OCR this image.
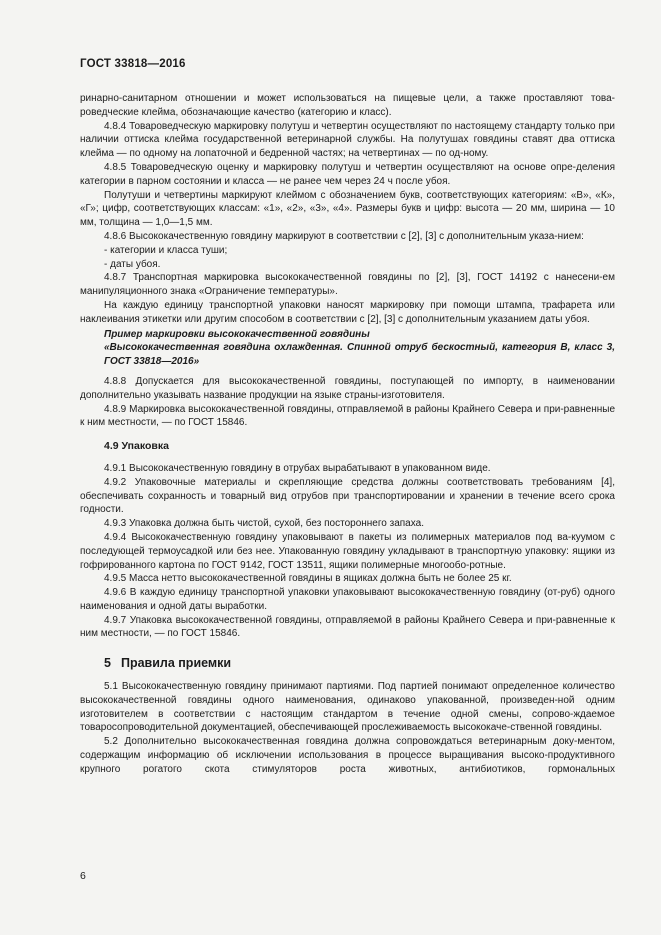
ГОСТ 33818—2016

ринарно-санитарном отношении и может использоваться на пищевые цели, а также проставляют това-роведческие клейма, обозначающие качество (категорию и класс).

4.8.4 Товароведческую маркировку полутуш и четвертин осуществляют по настоящему стандарту только при наличии оттиска клейма государственной ветеринарной службы. На полутушах говядины ставят два оттиска клейма — по одному на лопаточной и бедренной частях; на четвертинах — по од-ному.

4.8.5 Товароведческую оценку и маркировку полутуш и четвертин осуществляют на основе опре-деления категории в парном состоянии и класса — не ранее чем через 24 ч после убоя.

Полутуши и четвертины маркируют клеймом с обозначением букв, соответствующих категориям: «В», «К», «Г»; цифр, соответствующих классам: «1», «2», «3», «4». Размеры букв и цифр: высота — 20 мм, ширина — 10 мм, толщина — 1,0—1,5 мм.

4.8.6 Высококачественную говядину маркируют в соответствии с [2], [3] с дополнительным указа-нием:

- категории и класса туши;

- даты убоя.

4.8.7 Транспортная маркировка высококачественной говядины по [2], [3], ГОСТ 14192 с нанесени-ем манипуляционного знака «Ограничение температуры».

На каждую единицу транспортной упаковки наносят маркировку при помощи штампа, трафарета или наклеивания этикетки или другим способом в соответствии с [2], [3] с дополнительным указанием даты убоя.

Пример маркировки высококачественной говядины

«Высококачественная говядина охлажденная. Спинной отруб бескостный, категория В, класс 3, ГОСТ 33818—2016»

4.8.8 Допускается для высококачественной говядины, поступающей по импорту, в наименовании дополнительно указывать название продукции на языке страны-изготовителя.

4.8.9 Маркировка высококачественной говядины, отправляемой в районы Крайнего Севера и при-равненные к ним местности, — по ГОСТ 15846.

4.9 Упаковка

4.9.1 Высококачественную говядину в отрубах вырабатывают в упакованном виде.

4.9.2 Упаковочные материалы и скрепляющие средства должны соответствовать требованиям [4], обеспечивать сохранность и товарный вид отрубов при транспортировании и хранении в течение всего срока годности.

4.9.3 Упаковка должна быть чистой, сухой, без постороннего запаха.

4.9.4 Высококачественную говядину упаковывают в пакеты из полимерных материалов под ва-куумом с последующей термоусадкой или без нее. Упакованную говядину укладывают в транспортную упаковку: ящики из гофрированного картона по ГОСТ 9142, ГОСТ 13511, ящики полимерные многообо-ротные.

4.9.5 Масса нетто высококачественной говядины в ящиках должна быть не более 25 кг.

4.9.6 В каждую единицу транспортной упаковки упаковывают высококачественную говядину (от-руб) одного наименования и одной даты выработки.

4.9.7 Упаковка высококачественной говядины, отправляемой в районы Крайнего Севера и при-равненные к ним местности, — по ГОСТ 15846.

5 Правила приемки

5.1 Высококачественную говядину принимают партиями. Под партией понимают определенное количество высококачественной говядины одного наименования, одинаково упакованной, произведен-ной одним изготовителем в соответствии с настоящим стандартом в течение одной смены, сопрово-ждаемое товаросопроводительной документацией, обеспечивающей прослеживаемость высококаче-ственной говядины.

5.2 Дополнительно высококачественная говядина должна сопровождаться ветеринарным доку-ментом, содержащим информацию об исключении использования в процессе выращивания высоко-продуктивного крупного рогатого скота стимуляторов роста животных, антибиотиков, гормональных

6
